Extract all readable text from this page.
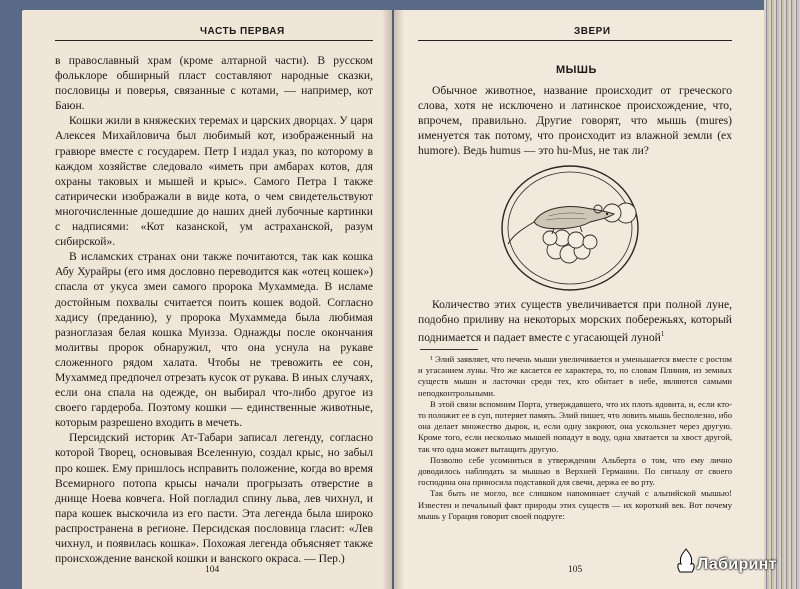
ЧАСТЬ ПЕРВАЯ

в православный храм (кроме алтарной части). В русском фольклоре обширный пласт составляют народные сказки, пословицы и поверья, связанные с котами, — например, кот Баюн.

Кошки жили в княжеских теремах и царских дворцах. У царя Алексея Михайловича был любимый кот, изображенный на гравюре вместе с государем. Петр I издал указ, по которому в каждом хозяйстве следовало «иметь при амбарах котов, для охраны таковых и мышей и крыс». Самого Петра I также сатирически изображали в виде кота, о чем свидетельствуют многочисленные дошедшие до наших дней лубочные картинки с надписями: «Кот казанской, ум астраханской, разум сибирской».

В исламских странах они также почитаются, так как кошка Абу Хурайры (его имя дословно переводится как «отец кошек») спасла от укуса змеи самого пророка Мухаммеда. В исламе достойным похвалы считается поить кошек водой. Согласно хадису (преданию), у пророка Мухаммеда была любимая разноглазая белая кошка Муизза. Однажды после окончания молитвы пророк обнаружил, что она уснула на рукаве сложенного рядом халата. Чтобы не тревожить ее сон, Мухаммед предпочел отрезать кусок от рукава. В иных случаях, если она спала на одежде, он выбирал что-либо другое из своего гардероба. Поэтому кошки — единственные животные, которым разрешено входить в мечеть.

Персидский историк Ат-Табари записал легенду, согласно которой Творец, основывая Вселенную, создал крыс, но забыл про кошек. Ему пришлось исправить положение, когда во время Всемирного потопа крысы начали прогрызать отверстие в днище Ноева ковчега. Ной погладил спину льва, лев чихнул, и пара кошек выскочила из его пасти. Эта легенда была широко распространена в регионе. Персидская пословица гласит: «Лев чихнул, и появилась кошка». Похожая легенда объясняет также происхождение ванской кошки и ванского окраса. — Пер.)

104
ЗВЕРИ
МЫШЬ

Обычное животное, название происходит от греческого слова, хотя не исключено и латинское происхождение, что, впрочем, правильно. Другие говорят, что мышь (mures) именуется так потому, что происходит из влажной земли (ex humore). Ведь humus — это hu-Mus, не так ли?

Количество этих существ увеличивается при полной луне, подобно приливу на некоторых морских побережьях, который поднимается и падает вместе с угасающей луной$^1$

¹ Элий заявляет, что печень мыши увеличивается и уменьшается вместе с ростом и угасанием луны. Что же касается ее характера, то, по словам Плиния, из земных существ мыши и ласточки среди тех, кто обитает в небе, являются самыми неподконтрольными.

В этой связи вспомним Порта, утверждавшего, что их плоть ядовита, и, если кто-то положит ее в суп, потеряет память. Элий пишет, что ловить мышь бесполезно, ибо она делает множество дырок, и, если одну закроют, она ускользнет через другую. Кроме того, если несколько мышей попадут в воду, одна хватается за хвост другой, так что одна может вытащить другую.

Позволю себе усомниться в утверждении Альберта о том, что ему лично доводилось наблюдать за мышью в Верхней Германии. По сигналу от своего господина она приносила подставкой для свечи, держа ее во рту.

Так быть не могло, все слишком напоминает случай с альпийской мышью! Известен и печальный факт природы этих существ — их короткий век. Вот почему мышь у Горация говорит своей подруге:

105	Лабиринт
